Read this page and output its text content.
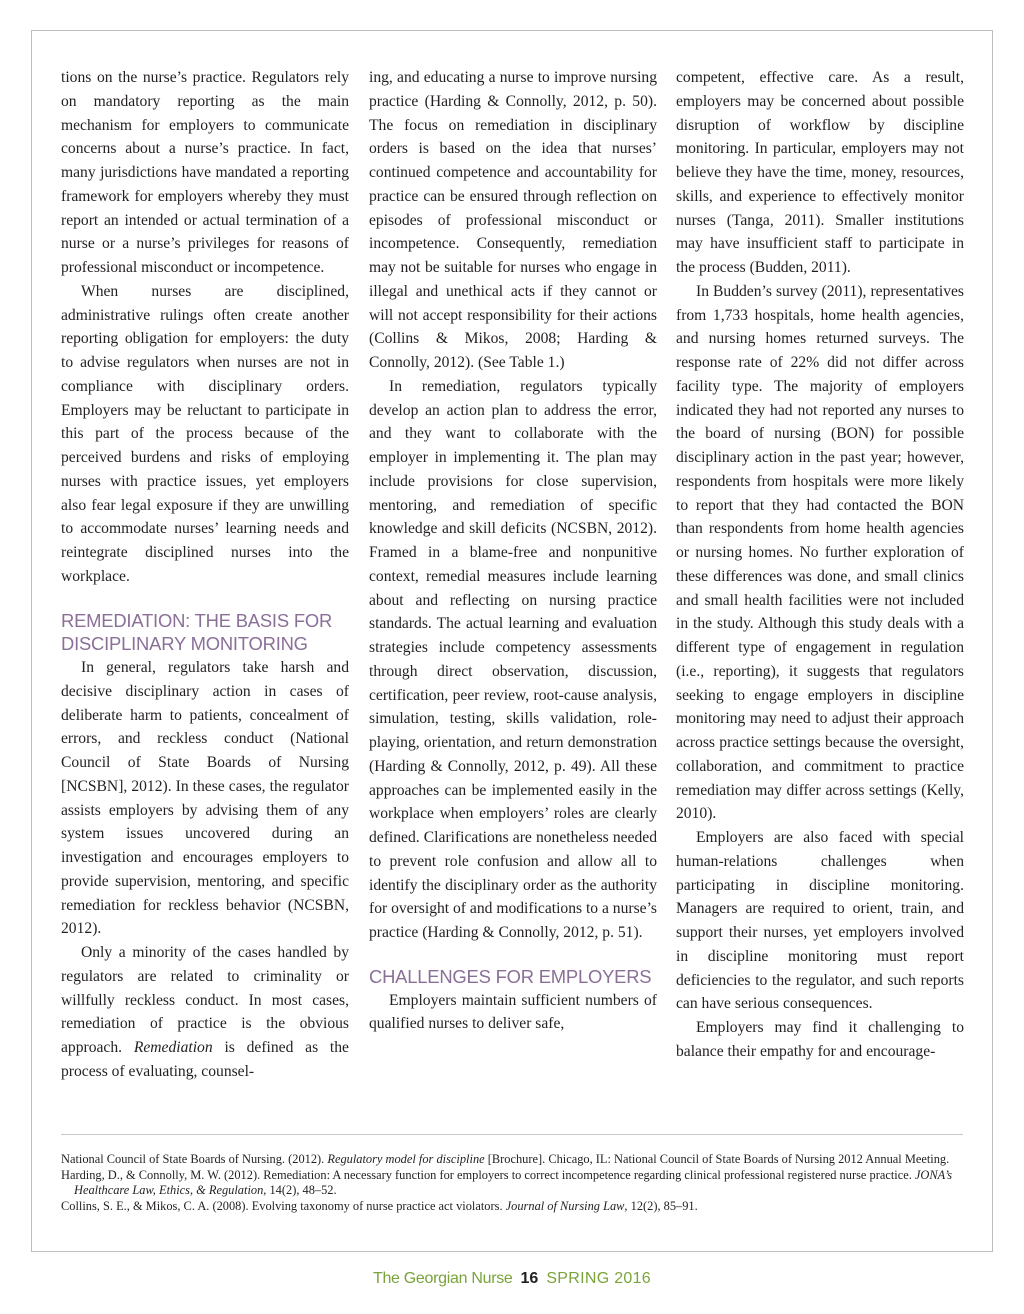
tions on the nurse’s practice. Regulators rely on mandatory reporting as the main mechanism for employers to communicate concerns about a nurse’s practice. In fact, many jurisdictions have mandated a reporting framework for employers whereby they must report an intended or actual termination of a nurse or a nurse’s privileges for reasons of professional misconduct or incompetence.

When nurses are disciplined, administrative rulings often create another reporting obligation for employers: the duty to advise regulators when nurses are not in compliance with disciplinary orders. Employers may be reluctant to participate in this part of the process because of the perceived burdens and risks of employing nurses with practice issues, yet employers also fear legal exposure if they are unwilling to accommodate nurses’ learning needs and reintegrate disciplined nurses into the workplace.

REMEDIATION: THE BASIS FOR DISCIPLINARY MONITORING

In general, regulators take harsh and decisive disciplinary action in cases of deliberate harm to patients, concealment of errors, and reckless conduct (National Council of State Boards of Nursing [NCSBN], 2012). In these cases, the regulator assists employers by advising them of any system issues uncovered during an investigation and encourages employers to provide supervision, mentoring, and specific remediation for reckless behavior (NCSBN, 2012).

Only a minority of the cases handled by regulators are related to criminality or willfully reckless conduct. In most cases, remediation of practice is the obvious approach. Remediation is defined as the process of evaluating, counsel-

ing, and educating a nurse to improve nursing practice (Harding & Connolly, 2012, p. 50). The focus on remediation in disciplinary orders is based on the idea that nurses’ continued competence and accountability for practice can be ensured through reflection on episodes of professional misconduct or incompetence. Consequently, remediation may not be suitable for nurses who engage in illegal and unethical acts if they cannot or will not accept responsibility for their actions (Collins & Mikos, 2008; Harding & Connolly, 2012). (See Table 1.)

In remediation, regulators typically develop an action plan to address the error, and they want to collaborate with the employer in implementing it. The plan may include provisions for close supervision, mentoring, and remediation of specific knowledge and skill deficits (NCSBN, 2012). Framed in a blame-free and nonpunitive context, remedial measures include learning about and reflecting on nursing practice standards. The actual learning and evaluation strategies include competency assessments through direct observation, discussion, certification, peer review, root-cause analysis, simulation, testing, skills validation, role-playing, orientation, and return demonstration (Harding & Connolly, 2012, p. 49). All these approaches can be implemented easily in the workplace when employers’ roles are clearly defined. Clarifications are nonetheless needed to prevent role confusion and allow all to identify the disciplinary order as the authority for oversight of and modifications to a nurse’s practice (Harding & Connolly, 2012, p. 51).

CHALLENGES FOR EMPLOYERS

Employers maintain sufficient numbers of qualified nurses to deliver safe,

competent, effective care. As a result, employers may be concerned about possible disruption of workflow by discipline monitoring. In particular, employers may not believe they have the time, money, resources, skills, and experience to effectively monitor nurses (Tanga, 2011). Smaller institutions may have insufficient staff to participate in the process (Budden, 2011).

In Budden’s survey (2011), representatives from 1,733 hospitals, home health agencies, and nursing homes returned surveys. The response rate of 22% did not differ across facility type. The majority of employers indicated they had not reported any nurses to the board of nursing (BON) for possible disciplinary action in the past year; however, respondents from hospitals were more likely to report that they had contacted the BON than respondents from home health agencies or nursing homes. No further exploration of these differences was done, and small clinics and small health facilities were not included in the study. Although this study deals with a different type of engagement in regulation (i.e., reporting), it suggests that regulators seeking to engage employers in discipline monitoring may need to adjust their approach across practice settings because the oversight, collaboration, and commitment to practice remediation may differ across settings (Kelly, 2010).

Employers are also faced with special human-relations challenges when participating in discipline monitoring. Managers are required to orient, train, and support their nurses, yet employers involved in discipline monitoring must report deficiencies to the regulator, and such reports can have serious consequences.

Employers may find it challenging to balance their empathy for and encourage-

National Council of State Boards of Nursing. (2012). Regulatory model for discipline [Brochure]. Chicago, IL: National Council of State Boards of Nursing 2012 Annual Meeting.

Harding, D., & Connolly, M. W. (2012). Remediation: A necessary function for employers to correct incompetence regarding clinical professional registered nurse practice. JONA’s Healthcare Law, Ethics, & Regulation, 14(2), 48–52.

Collins, S. E., & Mikos, C. A. (2008). Evolving taxonomy of nurse practice act violators. Journal of Nursing Law, 12(2), 85–91.

The Georgian Nurse 16 SPRING 2016
